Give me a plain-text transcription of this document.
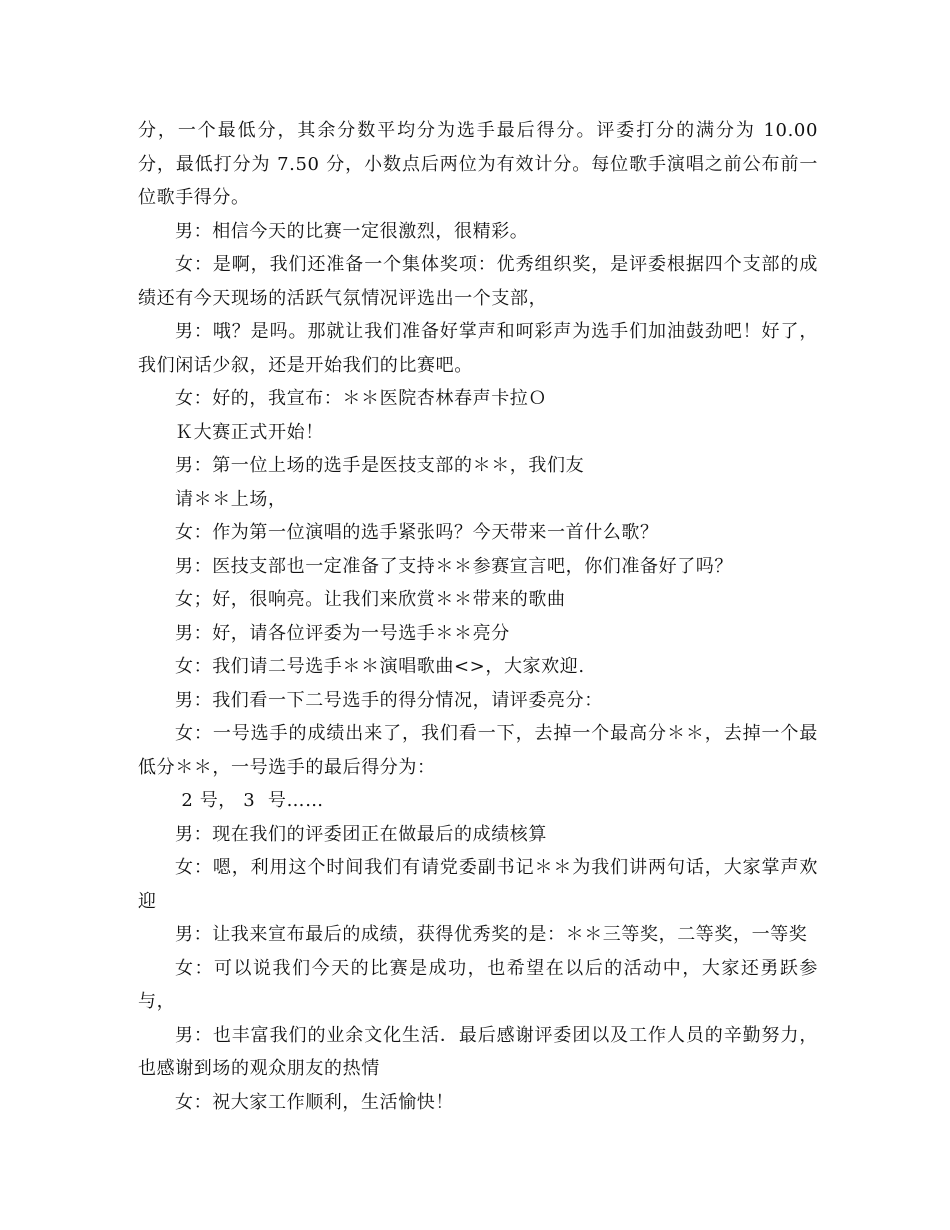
分，一个最低分，其余分数平均分为选手最后得分。评委打分的满分为 10.00 分，最低打分为 7.50 分，小数点后两位为有效计分。每位歌手演唱之前公布前一位歌手得分。

男：相信今天的比赛一定很激烈，很精彩。

女：是啊，我们还准备一个集体奖项：优秀组织奖，是评委根据四个支部的成绩还有今天现场的活跃气氛情况评选出一个支部，

男：哦？是吗。那就让我们准备好掌声和呵彩声为选手们加油鼓劲吧！好了，我们闲话少叙，还是开始我们的比赛吧。

女：好的，我宣布：＊＊医院杏林春声卡拉Ｏ

Ｋ大赛正式开始！

男：第一位上场的选手是医技支部的＊＊，我们友

请＊＊上场，

女：作为第一位演唱的选手紧张吗？今天带来一首什么歌？

男：医技支部也一定准备了支持＊＊参赛宣言吧，你们准备好了吗？

女；好，很响亮。让我们来欣赏＊＊带来的歌曲

男：好，请各位评委为一号选手＊＊亮分

女：我们请二号选手＊＊演唱歌曲<>，大家欢迎.

男：我们看一下二号选手的得分情况，请评委亮分：

女：一号选手的成绩出来了，我们看一下，去掉一个最高分＊＊，去掉一个最低分＊＊，一号选手的最后得分为：

2 号， 3  号……

男：现在我们的评委团正在做最后的成绩核算

女：嗯，利用这个时间我们有请党委副书记＊＊为我们讲两句话，大家掌声欢迎

男：让我来宣布最后的成绩，获得优秀奖的是：＊＊三等奖，二等奖，一等奖

女：可以说我们今天的比赛是成功，也希望在以后的活动中，大家还勇跃参与，

男：也丰富我们的业余文化生活．最后感谢评委团以及工作人员的辛勤努力，也感谢到场的观众朋友的热情

女：祝大家工作顺利，生活愉快！
